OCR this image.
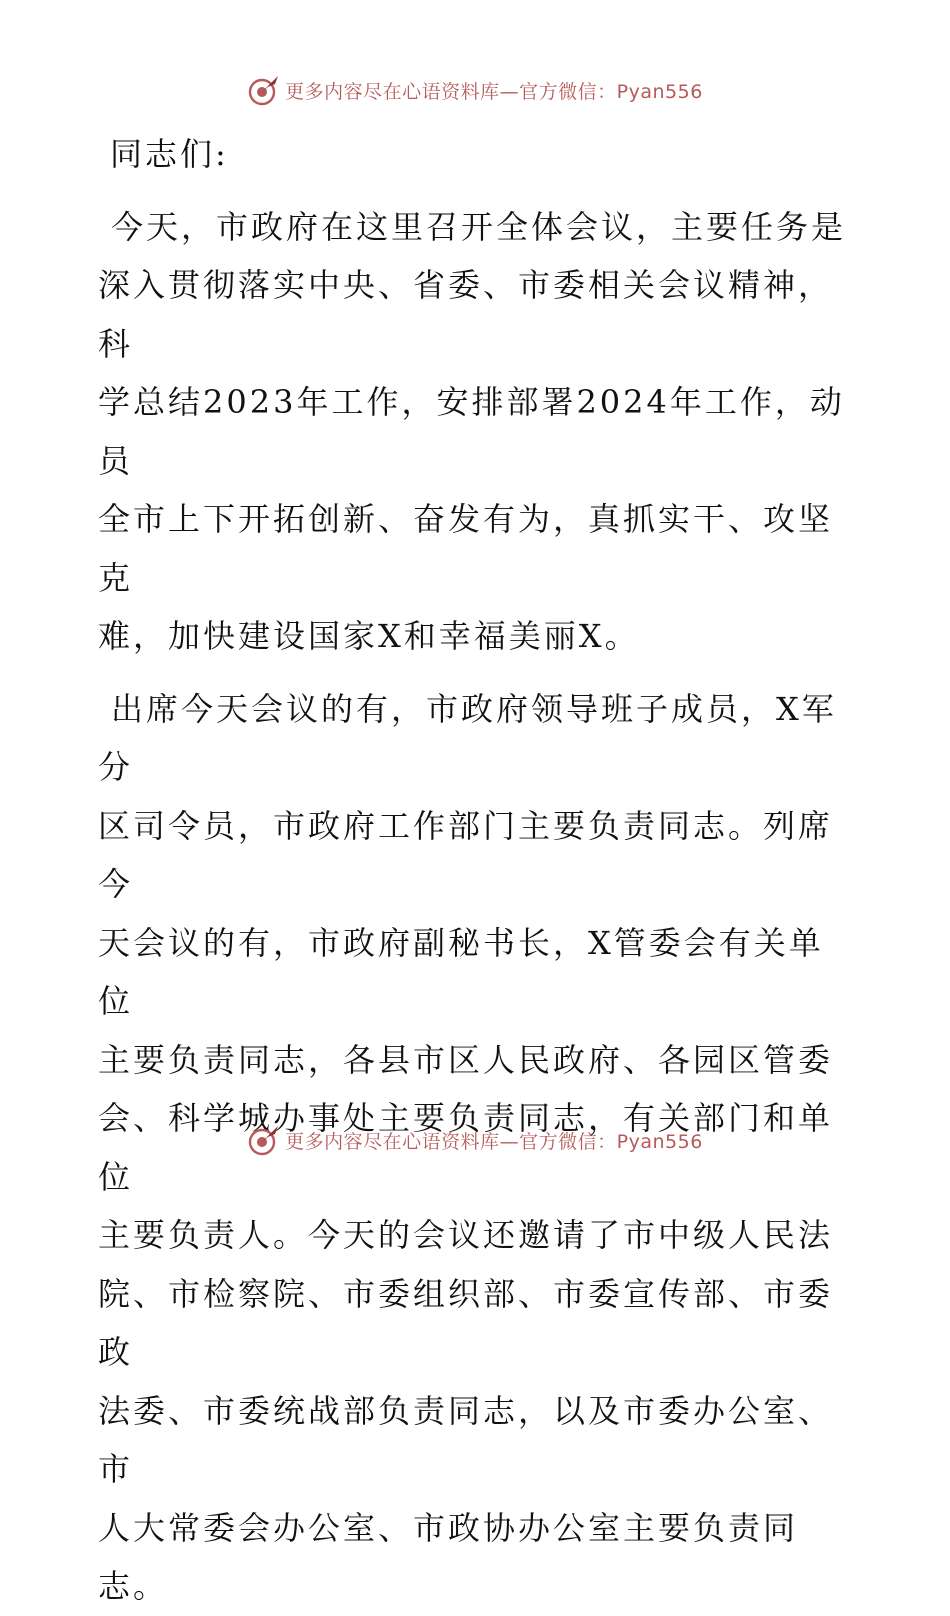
更多内容尽在心语资料库—官方微信：Pyan556

同志们:

今天，市政府在这里召开全体会议，主要任务是
深入贯彻落实中央、省委、市委相关会议精神，科
学总结2023年工作，安排部署2024年工作，动员
全市上下开拓创新、奋发有为，真抓实干、攻坚克
难，加快建设国家X和幸福美丽X。

出席今天会议的有，市政府领导班子成员，X军分
区司令员，市政府工作部门主要负责同志。列席今
天会议的有，市政府副秘书长，X管委会有关单位
主要负责同志，各县市区人民政府、各园区管委
会、科学城办事处主要负责同志，有关部门和单位
主要负责人。今天的会议还邀请了市中级人民法
院、市检察院、市委组织部、市委宣传部、市委政
法委、市委统战部负责同志，以及市委办公室、市
人大常委会办公室、市政协办公室主要负责同志。

更多内容尽在心语资料库—官方微信：Pyan556
